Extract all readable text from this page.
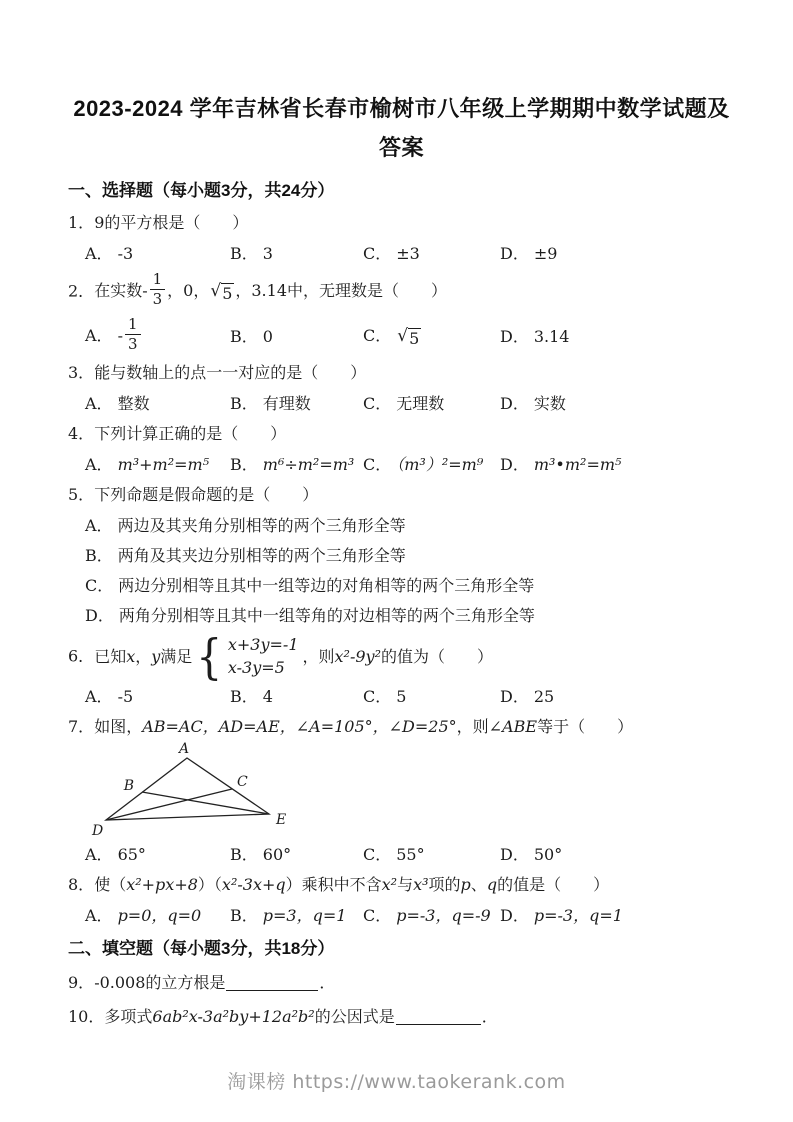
2023-2024 学年吉林省长春市榆树市八年级上学期期中数学试题及答案
一、选择题（每小题3分，共24分）
1．9的平方根是（　　）
A． -3	B． 3	C． ±3	D． ±9
2．在实数- $\frac{1}{3}$ ，0， √ 5 ，3.14中，无理数是（　　）
A． - $\frac{1}{3}$	B． 0	C． √ 5	D． 3.14
3．能与数轴上的点一一对应的是（　　）
A． 整数	B． 有理数	C． 无理数	D． 实数
4．下列计算正确的是（　　）
A． m³+m²=m⁵	B． m⁶÷m²=m³ C． （m³）²=m⁹	D． m³•m²=m⁵
5．下列命题是假命题的是（　　）
A． 两边及其夹角分别相等的两个三角形全等
B． 两角及其夹边分别相等的两个三角形全等
C． 两边分别相等且其中一组等边的对角相等的两个三角形全等
D． 两角分别相等且其中一组等角的对边相等的两个三角形全等
6．已知x，y满足 { x+3y=-1
x-3y=5
，则x²-9y²的值为（　　）
A． -5	B． 4	C． 5	D． 25
7．如图，AB=AC，AD=AE，∠A=105°，∠D=25°，则∠ABE等于（　　）
A
B	C
D
E
A． 65°	B． 60°	C． 55°	D． 50°
8．使（x²+px+8）（x²-3x+q）乘积中不含x²与x³项的p、q的值是（　　）
A． p=0，q=0	B． p=3，q=1	C． p=-3，q=-9 D． p=-3，q=1
二、填空题（每小题3分，共18分）
9．-0.008的立方根是	．
10．多项式6ab²x-3a²by+12a²b²的公因式是	．
淘课榜 https://www.taokerank.com
